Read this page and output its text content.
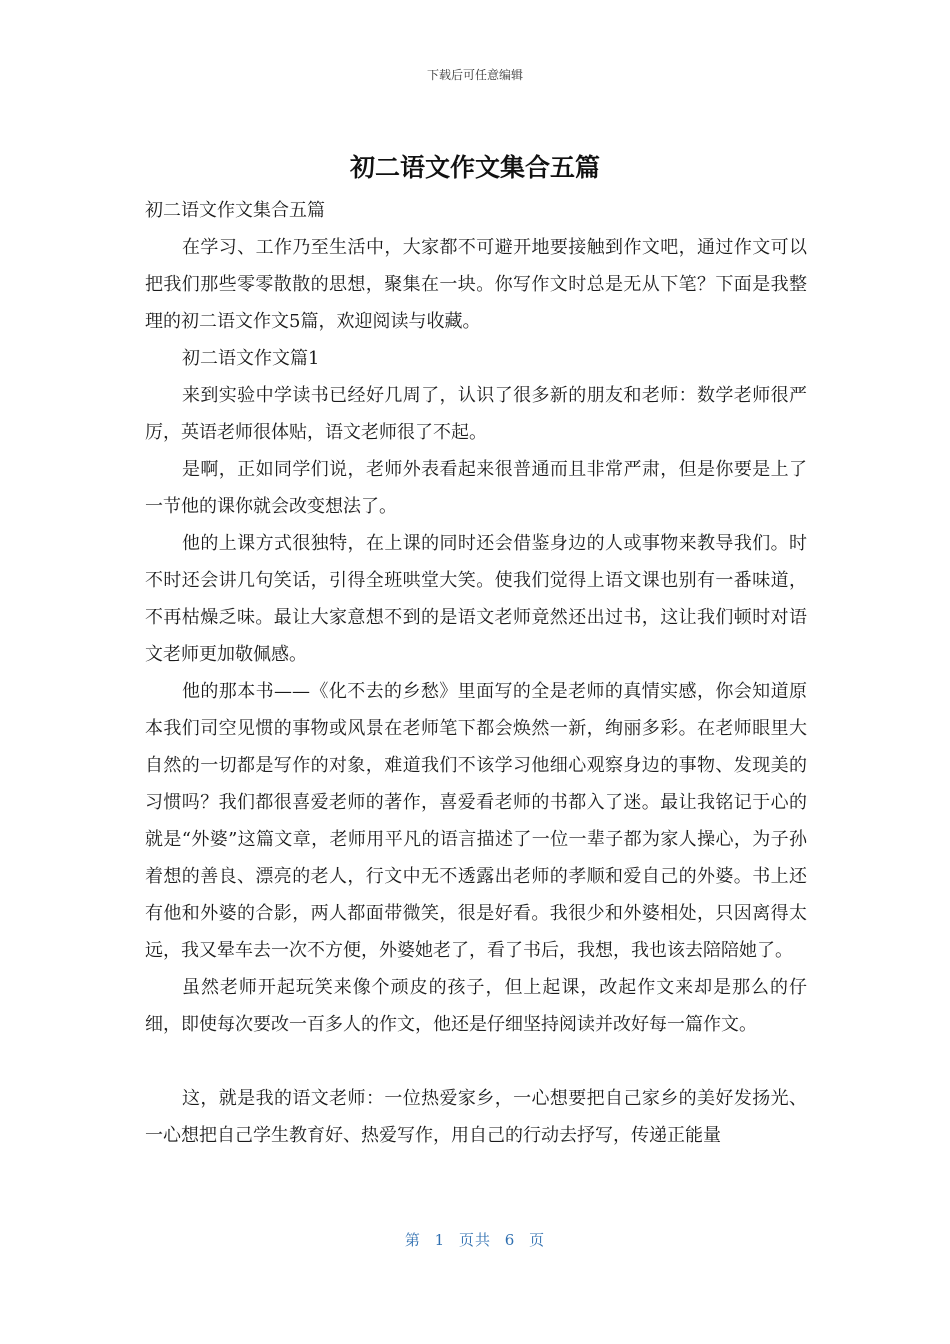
下载后可任意编辑
初二语文作文集合五篇

初二语文作文集合五篇

在学习、工作乃至生活中，大家都不可避开地要接触到作文吧，通过作文可以把我们那些零零散散的思想，聚集在一块。你写作文时总是无从下笔？下面是我整理的初二语文作文5篇，欢迎阅读与收藏。

初二语文作文篇1

来到实验中学读书已经好几周了，认识了很多新的朋友和老师：数学老师很严厉，英语老师很体贴，语文老师很了不起。

是啊，正如同学们说，老师外表看起来很普通而且非常严肃，但是你要是上了一节他的课你就会改变想法了。

他的上课方式很独特，在上课的同时还会借鉴身边的人或事物来教导我们。时不时还会讲几句笑话，引得全班哄堂大笑。使我们觉得上语文课也别有一番味道，不再枯燥乏味。最让大家意想不到的是语文老师竟然还出过书，这让我们顿时对语文老师更加敬佩感。

他的那本书——《化不去的乡愁》里面写的全是老师的真情实感，你会知道原本我们司空见惯的事物或风景在老师笔下都会焕然一新，绚丽多彩。在老师眼里大自然的一切都是写作的对象，难道我们不该学习他细心观察身边的事物、发现美的习惯吗？我们都很喜爱老师的著作，喜爱看老师的书都入了迷。最让我铭记于心的就是“外婆”这篇文章，老师用平凡的语言描述了一位一辈子都为家人操心，为子孙着想的善良、漂亮的老人，行文中无不透露出老师的孝顺和爱自己的外婆。书上还有他和外婆的合影，两人都面带微笑，很是好看。我很少和外婆相处，只因离得太远，我又晕车去一次不方便，外婆她老了，看了书后，我想，我也该去陪陪她了。

虽然老师开起玩笑来像个顽皮的孩子，但上起课，改起作文来却是那么的仔细，即使每次要改一百多人的作文，他还是仔细坚持阅读并改好每一篇作文。

这，就是我的语文老师：一位热爱家乡，一心想要把自己家乡的美好发扬光、一心想把自己学生教育好、热爱写作，用自己的行动去抒写，传递正能量

第 1 页共 6 页
